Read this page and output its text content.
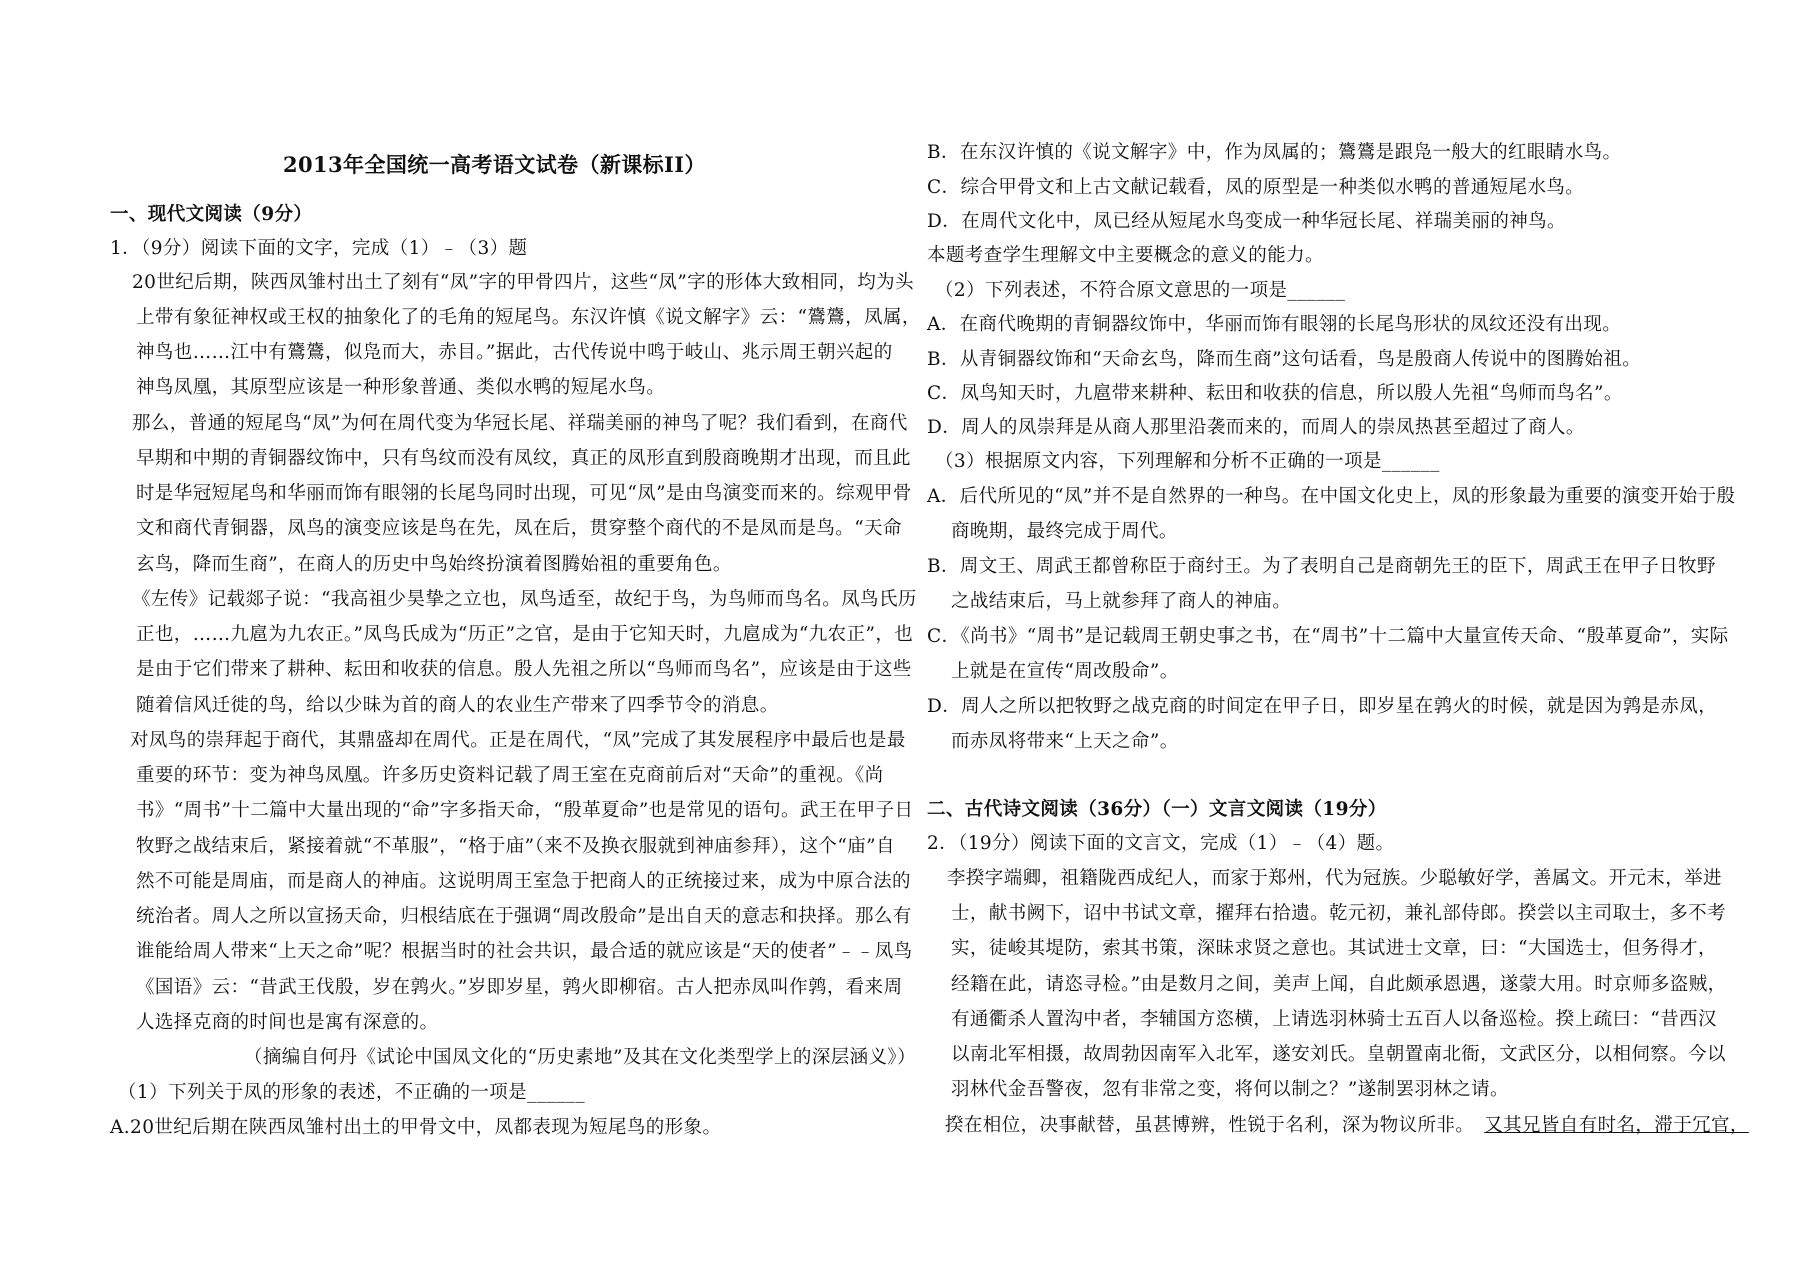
2013年全国统一高考语文试卷（新课标II）
一、现代文阅读（9分）
1．（9分）阅读下面的文字，完成（1）﹣（3）题
20世纪后期，陕西凤雏村出土了刻有“凤”字的甲骨四片，这些“凤”字的形体大致相同，均为头
上带有象征神权或王权的抽象化了的毛角的短尾鸟。东汉许慎《说文解字》云：“鷟鷟，凤属，
神鸟也……江中有鷟鷟，似凫而大，赤目。”据此，古代传说中鸣于岐山、兆示周王朝兴起的
神鸟凤凰，其原型应该是一种形象普通、类似水鸭的短尾水鸟。
那么，普通的短尾鸟“凤”为何在周代变为华冠长尾、祥瑞美丽的神鸟了呢？我们看到，在商代
早期和中期的青铜器纹饰中，只有鸟纹而没有凤纹，真正的凤形直到殷商晚期才出现，而且此
时是华冠短尾鸟和华丽而饰有眼翎的长尾鸟同时出现，可见“凤”是由鸟演变而来的。综观甲骨
文和商代青铜器，凤鸟的演变应该是鸟在先，凤在后，贯穿整个商代的不是凤而是鸟。“天命
玄鸟，降而生商”，在商人的历史中鸟始终扮演着图腾始祖的重要角色。
《左传》记载郯子说：“我高祖少昊挚之立也，凤鸟适至，故纪于鸟，为鸟师而鸟名。凤鸟氏历
正也，……九扈为九农正。”凤鸟氏成为“历正”之官，是由于它知天时，九扈成为“九农正”，也
是由于它们带来了耕种、耘田和收获的信息。殷人先祖之所以“鸟师而鸟名”，应该是由于这些
随着信风迁徙的鸟，给以少昧为首的商人的农业生产带来了四季节令的消息。
对凤鸟的崇拜起于商代，其鼎盛却在周代。正是在周代，“凤”完成了其发展程序中最后也是最
重要的环节：变为神鸟凤凰。许多历史资料记载了周王室在克商前后对“天命”的重视。《尚
书》“周书”十二篇中大量出现的“命”字多指天命，“殷革夏命”也是常见的语句。武王在甲子日
牧野之战结束后，紧接着就“不革服”，“格于庙”（来不及换衣服就到神庙参拜），这个“庙”自
然不可能是周庙，而是商人的神庙。这说明周王室急于把商人的正统接过来，成为中原合法的
统治者。周人之所以宣扬天命，归根结底在于强调“周改殷命”是出自天的意志和抉择。那么有
谁能给周人带来“上天之命”呢？根据当时的社会共识，最合适的就应该是“天的使者”﹣﹣凤鸟
《国语》云：“昔武王伐殷，岁在鹑火。”岁即岁星，鹑火即柳宿。古人把赤凤叫作鹑，看来周
人选择克商的时间也是寓有深意的。
（摘编自何丹《试论中国凤文化的“历史素地”及其在文化类型学上的深层涵义》）
（1）下列关于凤的形象的表述，不正确的一项是______
A.20世纪后期在陕西凤雏村出土的甲骨文中，凤都表现为短尾鸟的形象。
B．在东汉许慎的《说文解字》中，作为凤属的；鷟鷟是跟凫一般大的红眼睛水鸟。
C．综合甲骨文和上古文献记载看，凤的原型是一种类似水鸭的普通短尾水鸟。
D．在周代文化中，凤已经从短尾水鸟变成一种华冠长尾、祥瑞美丽的神鸟。
本题考查学生理解文中主要概念的意义的能力。
（2）下列表述，不符合原文意思的一项是______
A．在商代晚期的青铜器纹饰中，华丽而饰有眼翎的长尾鸟形状的凤纹还没有出现。
B．从青铜器纹饰和“天命玄鸟，降而生商”这句话看，鸟是殷商人传说中的图腾始祖。
C．凤鸟知天时，九扈带来耕种、耘田和收获的信息，所以殷人先祖“鸟师而鸟名”。
D．周人的凤崇拜是从商人那里沿袭而来的，而周人的崇凤热甚至超过了商人。
（3）根据原文内容，下列理解和分析不正确的一项是______
A．后代所见的“凤”并不是自然界的一种鸟。在中国文化史上，凤的形象最为重要的演变开始于殷
商晚期，最终完成于周代。
B．周文王、周武王都曾称臣于商纣王。为了表明自己是商朝先王的臣下，周武王在甲子日牧野
之战结束后，马上就参拜了商人的神庙。
C．《尚书》“周书”是记载周王朝史事之书，在“周书”十二篇中大量宣传天命、“殷革夏命”，实际
上就是在宣传“周改殷命”。
D．周人之所以把牧野之战克商的时间定在甲子日，即岁星在鹑火的时候，就是因为鹑是赤凤，
而赤凤将带来“上天之命”。
二、古代诗文阅读（36分）（一）文言文阅读（19分）
2．（19分）阅读下面的文言文，完成（1）﹣（4）题。
李揆字端卿，祖籍陇西成纪人，而家于郑州，代为冠族。少聪敏好学，善属文。开元末，举进
士，献书阙下，诏中书试文章，擢拜右拾遗。乾元初，兼礼部侍郎。揆尝以主司取士，多不考
实，徒峻其堤防，索其书策，深昧求贤之意也。其试进士文章，曰：“大国选士，但务得才，
经籍在此，请恣寻检。”由是数月之间，美声上闻，自此颇承恩遇，遂蒙大用。时京师多盗贼，
有通衢杀人置沟中者，李辅国方恣横，上请选羽林骑士五百人以备巡检。揆上疏曰：“昔西汉
以南北军相摄，故周勃因南军入北军，遂安刘氏。皇朝置南北衙，文武区分，以相伺察。今以
羽林代金吾警夜，忽有非常之变，将何以制之？”遂制罢羽林之请。
揆在相位，决事献替，虽甚博辨，性锐于名利，深为物议所非。 又其兄皆自有时名，滞于冗官，
